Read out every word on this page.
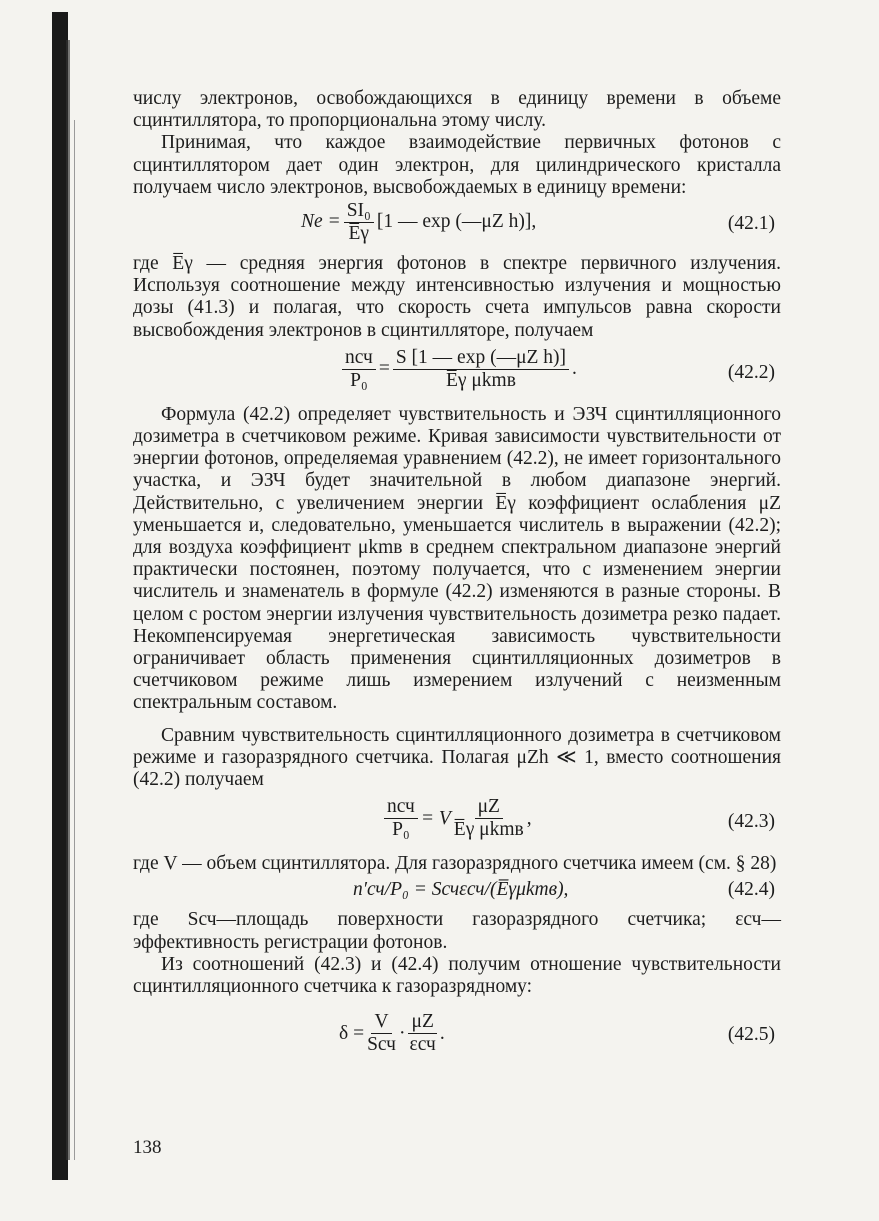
числу электронов, освобождающихся в единицу времени в объеме сцинтиллятора, то пропорциональна этому числу.

Принимая, что каждое взаимодействие первичных фотонов с сцинтиллятором дает один электрон, для цилиндрического кристалла получаем число электронов, высвобождаемых в единицу времени:

$Ne = \frac{\text{SI₀}}{E̅\gamma} [1$ — exp (—μZ h)],	(42.1)

где E̅γ — средняя энергия фотонов в спектре первичного излучения. Используя соотношение между интенсивностью излучения и мощностью дозы (41.3) и полагая, что скорость счета импульсов равна скорости высвобождения электронов в сцинтилляторе, получаем

$\frac{\text{nсч}}{\text{P₀}} = \frac{\text{S [1 — exp (—μZ h)]}}{\text{E̅γ μkmв}}$ .	(42.2)

Формула (42.2) определяет чувствительность и ЭЗЧ сцинтилляционного дозиметра в счетчиковом режиме. Кривая зависимости чувствительности от энергии фотонов, определяемая уравнением (42.2), не имеет горизонтального участка, и ЭЗЧ будет значительной в любом диапазоне энергий. Действительно, с увеличением энергии E̅γ коэффициент ослабления μZ уменьшается и, следовательно, уменьшается числитель в выражении (42.2); для воздуха коэффициент μkmв в среднем спектральном диапазоне энергий практически постоянен, поэтому получается, что с изменением энергии числитель и знаменатель в формуле (42.2) изменяются в разные стороны. В целом с ростом энергии излучения чувствительность дозиметра резко падает. Некомпенсируемая энергетическая зависимость чувствительности ограничивает область применения сцинтилляционных дозиметров в счетчиковом режиме лишь измерением излучений с неизменным спектральным составом.

Сравним чувствительность сцинтилляционного дозиметра в счетчиковом режиме и газоразрядного счетчика. Полагая μZh ≪ 1, вместо соотношения (42.2) получаем

$\frac{\text{nсч}}{\text{P₀}} = V \frac{\mu Z}{\text{E̅γ μkmв}}$ ,	(42.3)

где V — объем сцинтиллятора. Для газоразрядного счетчика имеем (см. § 28)

n′сч/P₀ = Sсчεсч/(E̅γμkmв),	(42.4)

где Sсч—площадь поверхности газоразрядного счетчика; εсч—эффективность регистрации фотонов.

Из соотношений (42.3) и (42.4) получим отношение чувствительности сцинтилляционного счетчика к газоразрядному:

$\delta = \frac{V}{\text{Sсч}} \cdot \frac{\mu Z}{\text{εсч}}$ .	(42.5)
138
